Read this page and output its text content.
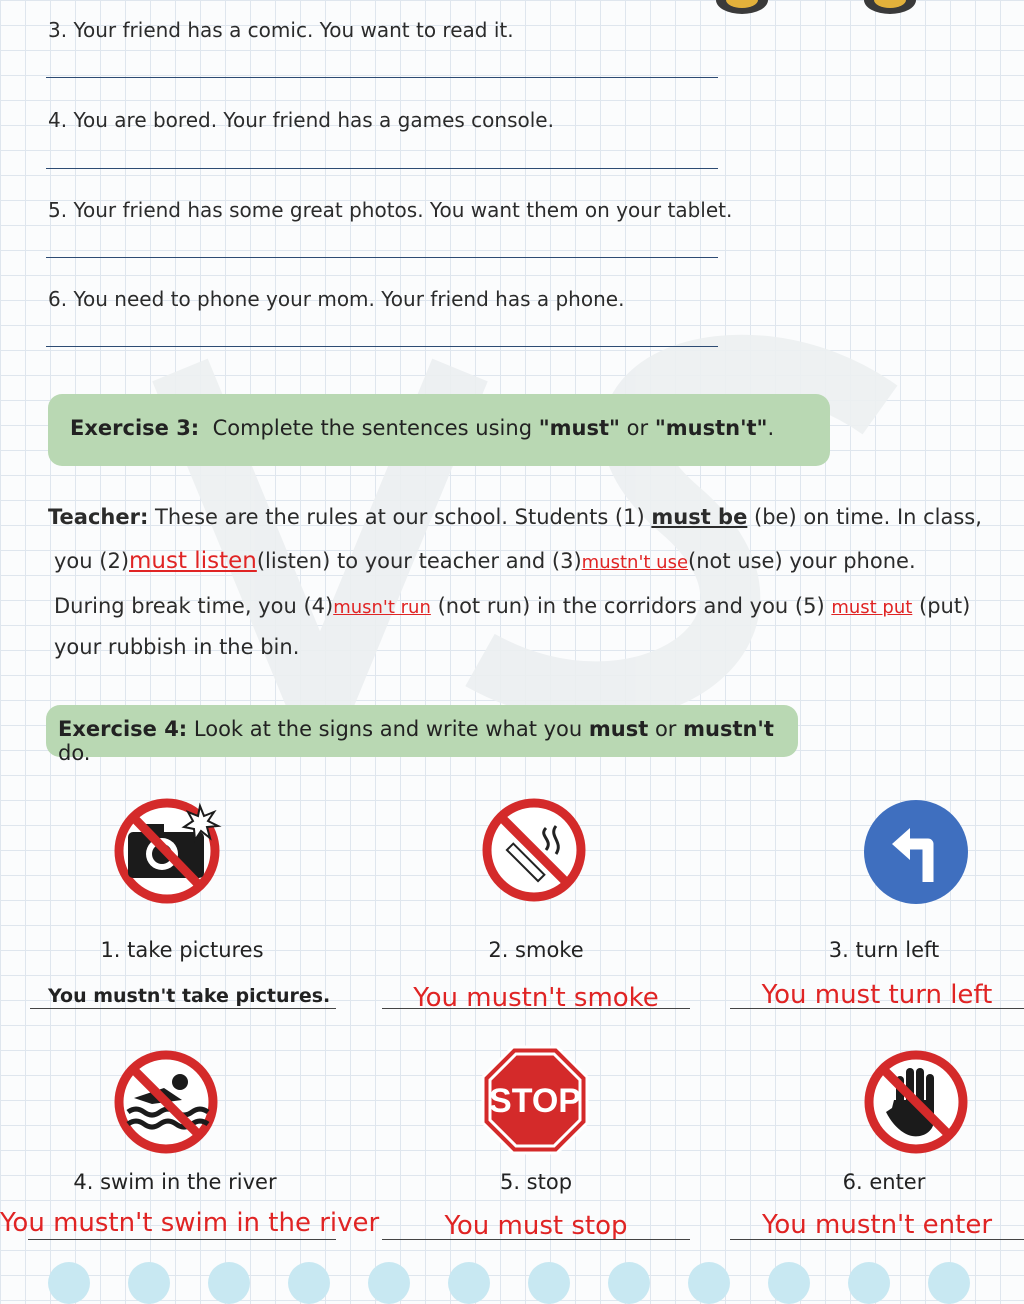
3. Your friend has a comic. You want to read it.
4. You are bored. Your friend has a games console.
5. Your friend has some great photos. You want them on your tablet.
6. You need to phone your mom. Your friend has a phone.
Exercise 3: Complete the sentences using "must" or "mustn't".
Teacher: These are the rules at our school. Students (1) must be (be) on time. In class,
you (2)must listen(listen) to your teacher and (3)mustn't use(not use) your phone.
During break time, you (4)musn't run (not run) in the corridors and you (5) must put (put)
your rubbish in the bin.
Exercise 4: Look at the signs and write what you must or mustn't do.
1. take pictures	2. smoke	3. turn left
You mustn't take pictures.	You mustn't smoke	You must turn left
STOP
4. swim in the river	5. stop	6. enter
You mustn't swim in the river	You must stop	You mustn't enter
